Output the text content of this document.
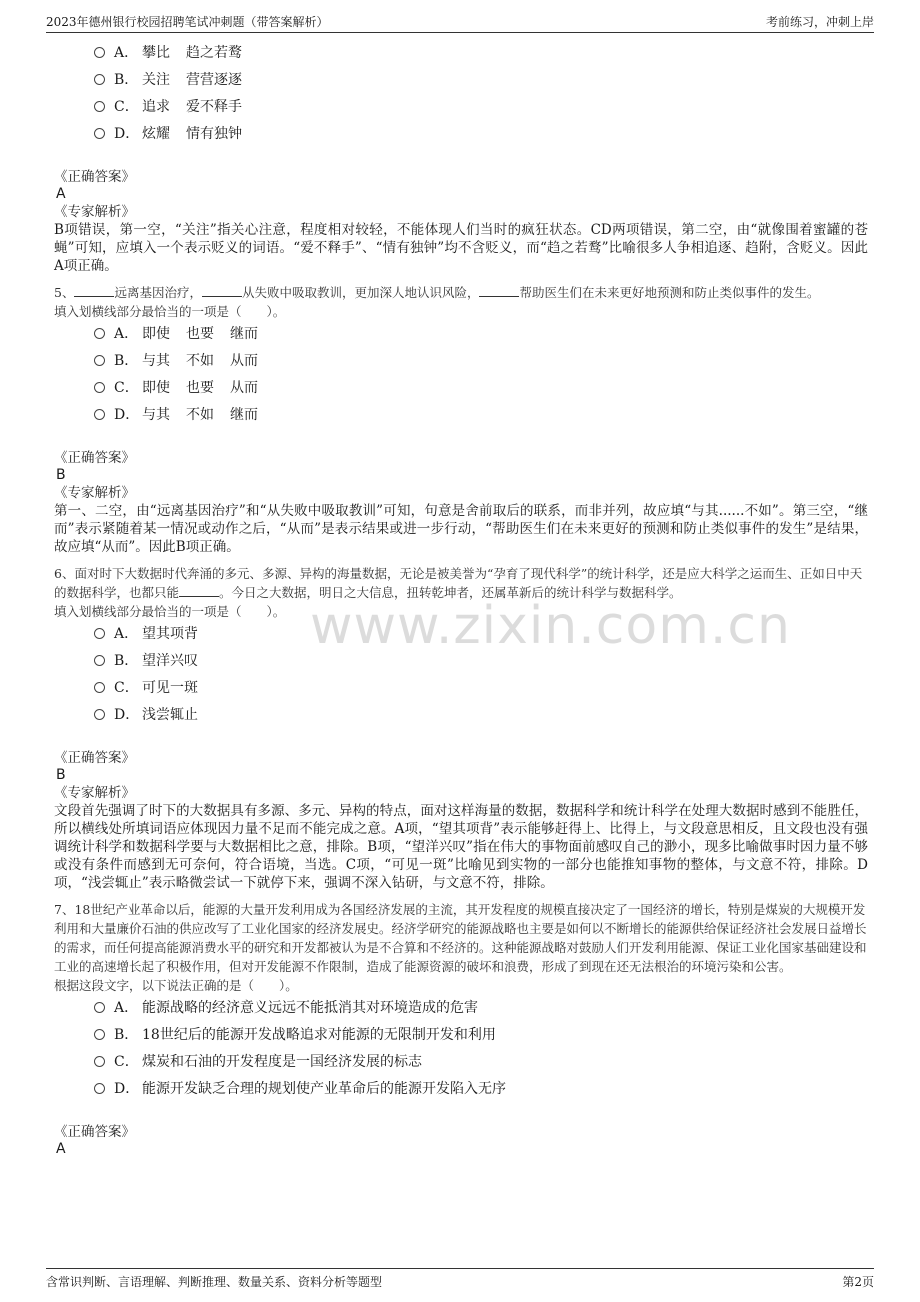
2023年德州银行校园招聘笔试冲刺题（带答案解析）	考前练习，冲刺上岸
www.zixin.com.cn
A． 攀比 趋之若鹜
B． 关注 营营逐逐
C． 追求 爱不释手
D． 炫耀 情有独钟
《正确答案》
A
《专家解析》
B项错误，第一空，“关注”指关心注意，程度相对较轻，不能体现人们当时的疯狂状态。CD两项错误，第二空，由“就像围着蜜罐的苍蝇”可知，应填入一个表示贬义的词语。“爱不释手”、“情有独钟”均不含贬义，而“趋之若鹜”比喻很多人争相追逐、趋附，含贬义。因此A项正确。
5、	远离基因治疗，	从失败中吸取教训，更加深人地认识风险，	帮助医生们在未来更好地预测和防止类似事件的发生。
填入划横线部分最恰当的一项是（　　）。
A． 即使 也要 继而
B． 与其 不如 从而
C． 即使 也要 从而
D． 与其 不如 继而
《正确答案》
B
《专家解析》
第一、二空，由“远离基因治疗”和“从失败中吸取教训”可知，句意是舍前取后的联系，而非并列，故应填“与其......不如”。第三空，“继而”表示紧随着某一情况或动作之后，“从而”是表示结果或进一步行动，“帮助医生们在未来更好的预测和防止类似事件的发生”是结果，故应填“从而”。因此B项正确。
6、面对时下大数据时代奔涌的多元、多源、异构的海量数据，无论是被美誉为“孕育了现代科学”的统计科学，还是应大科学之运而生、正如日中天的数据科学，也都只能	。今日之大数据，明日之大信息，扭转乾坤者，还属革新后的统计科学与数据科学。
填入划横线部分最恰当的一项是（　　）。
A． 望其项背
B． 望洋兴叹
C． 可见一斑
D． 浅尝辄止
《正确答案》
B
《专家解析》
文段首先强调了时下的大数据具有多源、多元、异构的特点，面对这样海量的数据，数据科学和统计科学在处理大数据时感到不能胜任，所以横线处所填词语应体现因力量不足而不能完成之意。A项，“望其项背”表示能够赶得上、比得上，与文段意思相反，且文段也没有强调统计科学和数据科学要与大数据相比之意，排除。B项，“望洋兴叹”指在伟大的事物面前感叹自己的渺小，现多比喻做事时因力量不够或没有条件而感到无可奈何，符合语境，当选。C项，“可见一斑”比喻见到实物的一部分也能推知事物的整体，与文意不符，排除。D项，“浅尝辄止”表示略微尝试一下就停下来，强调不深入钻研，与文意不符，排除。
7、18世纪产业革命以后，能源的大量开发利用成为各国经济发展的主流，其开发程度的规模直接决定了一国经济的增长，特别是煤炭的大规模开发利用和大量廉价石油的供应改写了工业化国家的经济发展史。经济学研究的能源战略也主要是如何以不断增长的能源供给保证经济社会发展日益增长的需求，而任何提高能源消费水平的研究和开发都被认为是不合算和不经济的。这种能源战略对鼓励人们开发利用能源、保证工业化国家基础建设和工业的高速增长起了积极作用，但对开发能源不作限制，造成了能源资源的破坏和浪费，形成了到现在还无法根治的环境污染和公害。
根据这段文字，以下说法正确的是（　　）。
A． 能源战略的经济意义远远不能抵消其对环境造成的危害
B． 18世纪后的能源开发战略追求对能源的无限制开发和利用
C． 煤炭和石油的开发程度是一国经济发展的标志
D． 能源开发缺乏合理的规划使产业革命后的能源开发陷入无序
《正确答案》
A
含常识判断、言语理解、判断推理、数量关系、资料分析等题型	第2页
